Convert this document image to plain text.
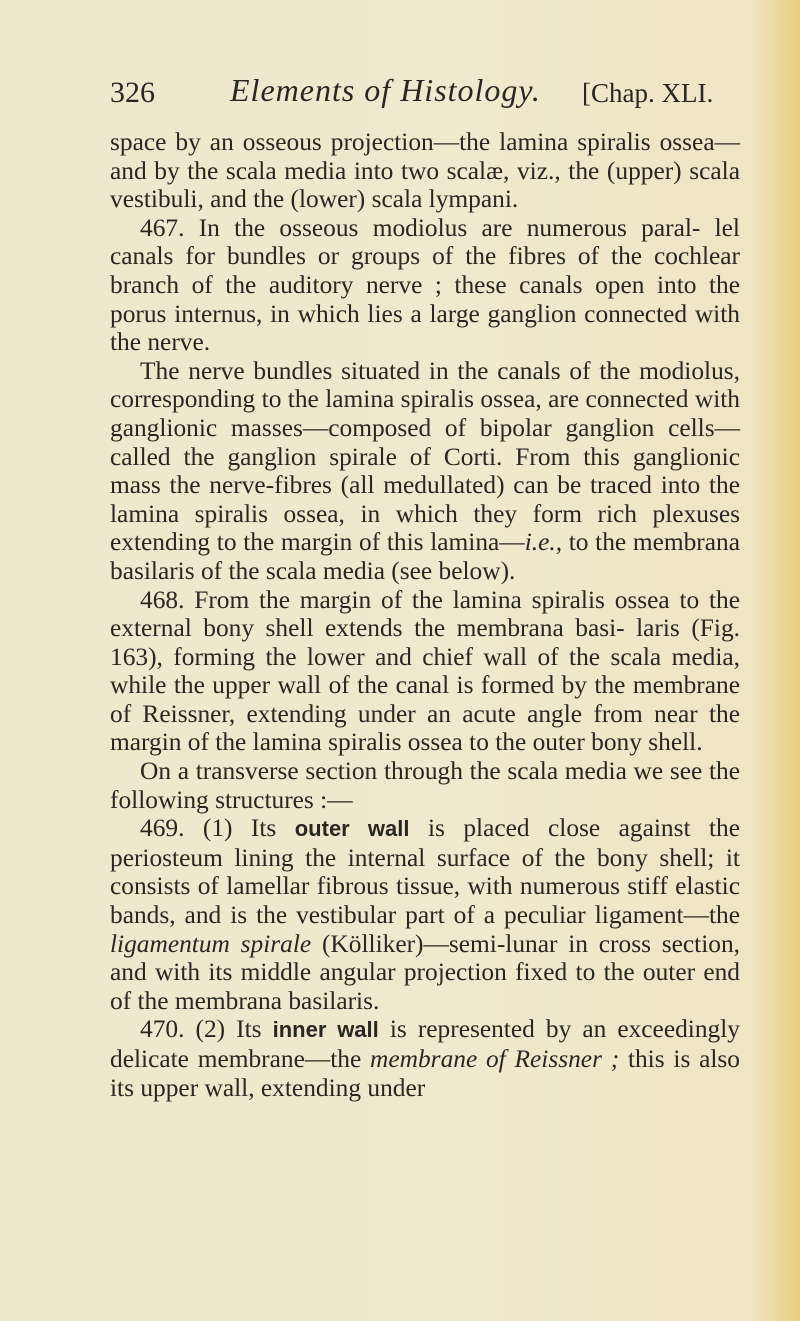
326 Elements of Histology. [Chap. XLI.

space by an osseous projection—the lamina spiralis ossea—and by the scala media into two scalæ, viz., the (upper) scala vestibuli, and the (lower) scala lympani.

467. In the osseous modiolus are numerous paral- lel canals for bundles or groups of the fibres of the cochlear branch of the auditory nerve ; these canals open into the porus internus, in which lies a large ganglion connected with the nerve.

The nerve bundles situated in the canals of the modiolus, corresponding to the lamina spiralis ossea, are connected with ganglionic masses—composed of bipolar ganglion cells—called the ganglion spirale of Corti. From this ganglionic mass the nerve-fibres (all medullated) can be traced into the lamina spiralis ossea, in which they form rich plexuses extending to the margin of this lamina—i.e., to the membrana basilaris of the scala media (see below).

468. From the margin of the lamina spiralis ossea to the external bony shell extends the membrana basi- laris (Fig. 163), forming the lower and chief wall of the scala media, while the upper wall of the canal is formed by the membrane of Reissner, extending under an acute angle from near the margin of the lamina spiralis ossea to the outer bony shell.

On a transverse section through the scala media we see the following structures :—

469. (1) Its outer wall is placed close against the periosteum lining the internal surface of the bony shell; it consists of lamellar fibrous tissue, with numerous stiff elastic bands, and is the vestibular part of a peculiar ligament—the ligamentum spirale (Kölliker)—semi-lunar in cross section, and with its middle angular projection fixed to the outer end of the membrana basilaris.

470. (2) Its inner wall is represented by an exceedingly delicate membrane—the membrane of Reissner ; this is also its upper wall, extending under
